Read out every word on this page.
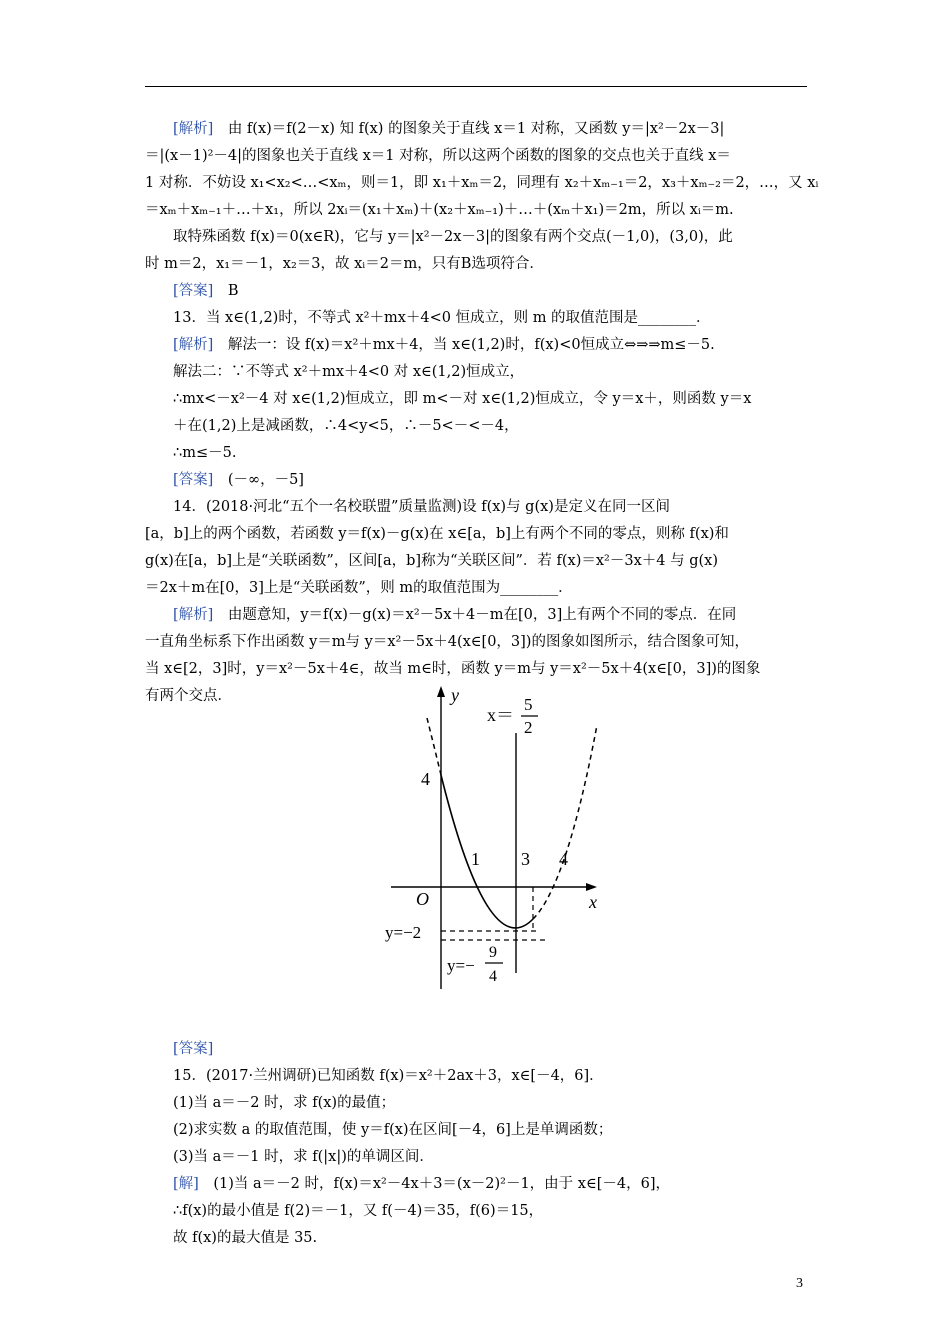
[解析]　由 f(x)＝f(2－x) 知 f(x) 的图象关于直线 x＝1 对称，又函数 y＝|x²－2x－3|

＝|(x－1)²－4|的图象也关于直线 x＝1 对称，所以这两个函数的图象的交点也关于直线 x＝

1 对称．不妨设 x₁<x₂<…<xₘ，则＝1，即 x₁＋xₘ＝2，同理有 x₂＋xₘ₋₁＝2，x₃＋xₘ₋₂＝2，…，又 xᵢ

＝xₘ＋xₘ₋₁＋…＋x₁，所以 2xᵢ＝(x₁＋xₘ)＋(x₂＋xₘ₋₁)＋…＋(xₘ＋x₁)＝2m，所以 xᵢ＝m.

取特殊函数 f(x)＝0(x∈R)，它与 y＝|x²－2x－3|的图象有两个交点(－1,0)，(3,0)，此

时 m＝2，x₁＝－1，x₂＝3，故 xᵢ＝2＝m，只有B选项符合．

[答案]　B

13．当 x∈(1,2)时，不等式 x²＋mx＋4<0 恒成立，则 m 的取值范围是________．

[解析]　解法一：设 f(x)＝x²＋mx＋4，当 x∈(1,2)时，f(x)<0恒成立⇔⇒⇒m≤－5.

解法二：∵不等式 x²＋mx＋4<0 对 x∈(1,2)恒成立，

∴mx<－x²－4 对 x∈(1,2)恒成立，即 m<－对 x∈(1,2)恒成立，令 y＝x＋，则函数 y＝x

＋在(1,2)上是减函数，∴4<y<5，∴－5<－<－4，

∴m≤－5.

[答案]　(－∞，－5]

14．(2018·河北“五个一名校联盟”质量监测)设 f(x)与 g(x)是定义在同一区间

[a，b]上的两个函数，若函数 y＝f(x)－g(x)在 x∈[a，b]上有两个不同的零点，则称 f(x)和

g(x)在[a，b]上是“关联函数”，区间[a，b]称为“关联区间”．若 f(x)＝x²－3x＋4 与 g(x)

＝2x＋m在[0，3]上是“关联函数”，则 m的取值范围为________．

[解析]　由题意知，y＝f(x)－g(x)＝x²－5x＋4－m在[0，3]上有两个不同的零点．在同

一直角坐标系下作出函数 y＝m与 y＝x²－5x＋4(x∈[0，3])的图象如图所示，结合图象可知，

当 x∈[2，3]时，y＝x²－5x＋4∈，故当 m∈时，函数 y＝m与 y＝x²－5x＋4(x∈[0，3])的图象

有两个交点．

[答案]

15．(2017·兰州调研)已知函数 f(x)＝x²＋2ax＋3，x∈[－4，6]．

(1)当 a＝－2 时，求 f(x)的最值；

(2)求实数 a 的取值范围，使 y＝f(x)在区间[－4，6]上是单调函数；

(3)当 a＝－1 时，求 f(|x|)的单调区间．

[解]　(1)当 a＝－2 时，f(x)＝x²－4x＋3＝(x－2)²－1，由于 x∈[－4，6]，

∴f(x)的最小值是 f(2)＝－1，又 f(－4)＝35，f(6)＝15，

故 f(x)的最大值是 35.

y
x
O
x＝
5
2
4
1 3 4
y=−2
y=−
9
4
3
